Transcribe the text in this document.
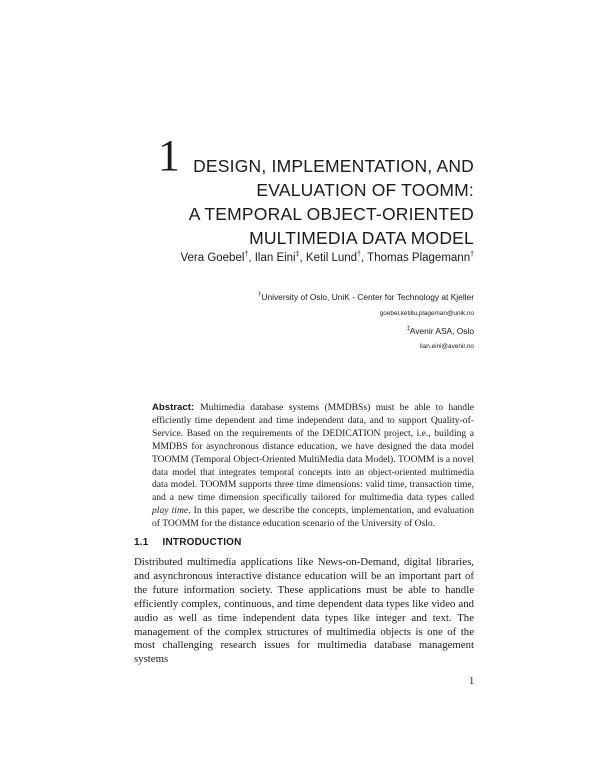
1 DESIGN, IMPLEMENTATION, AND
EVALUATION OF TOOMM:
A TEMPORAL OBJECT-ORIENTED
MULTIMEDIA DATA MODEL
Vera Goebel†, Ilan Eini‡, Ketil Lund†, Thomas Plagemann†
†University of Oslo, UniK - Center for Technology at Kjeller
goebel,ketillu,plageman@unik.no
‡Avenir ASA, Oslo
ilan.eini@avenir.no
Abstract: Multimedia database systems (MMDBSs) must be able to handle efficiently time dependent and time independent data, and to support Quality-of-Service. Based on the requirements of the DEDICATION project, i.e., building a MMDBS for asynchronous distance education, we have designed the data model TOOMM (Temporal Object-Oriented MultiMedia data Model). TOOMM is a novel data model that integrates temporal concepts into an object-oriented multimedia data model. TOOMM supports three time dimensions: valid time, transaction time, and a new time dimension specifically tailored for multimedia data types called play time. In this paper, we describe the concepts, implementation, and evaluation of TOOMM for the distance education scenario of the University of Oslo.
1.1 INTRODUCTION
Distributed multimedia applications like News-on-Demand, digital libraries, and asynchronous interactive distance education will be an important part of the future information society. These applications must be able to handle efficiently complex, continuous, and time dependent data types like video and audio as well as time independent data types like integer and text. The management of the complex structures of multimedia objects is one of the most challenging research issues for multimedia database management systems
1
